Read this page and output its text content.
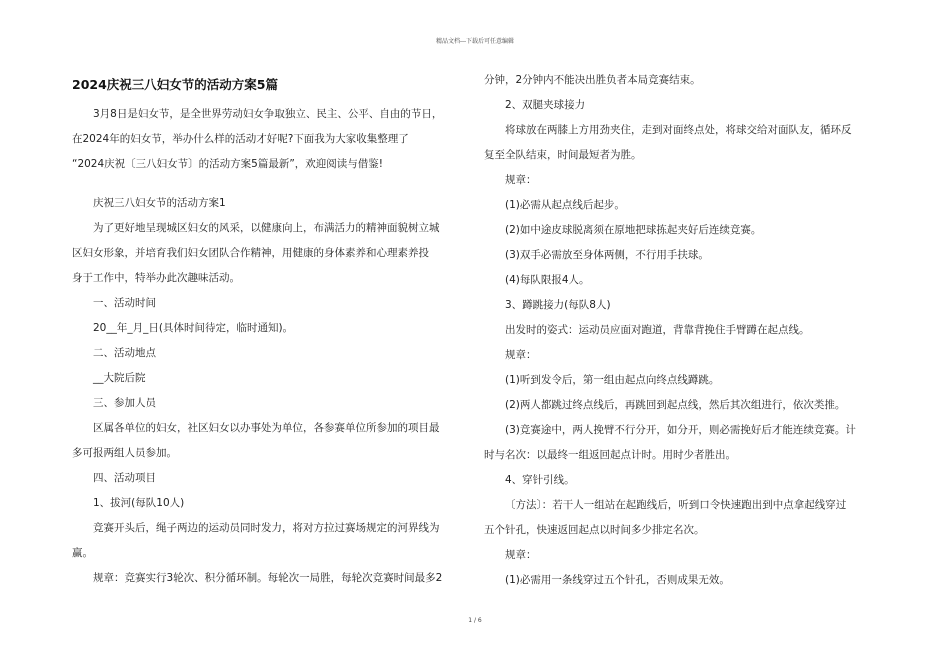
精品文档---下载后可任意编辑
2024庆祝三八妇女节的活动方案5篇

3月8日是妇女节，是全世界劳动妇女争取独立、民主、公平、自由的节日，

在2024年的妇女节，举办什么样的活动才好呢?下面我为大家收集整理了

“2024庆祝〔三八妇女节〕的活动方案5篇最新”，欢迎阅读与借鉴!

庆祝三八妇女节的活动方案1

为了更好地呈现城区妇女的风采，以健康向上，布满活力的精神面貌树立城

区妇女形象，并培育我们妇女团队合作精神，用健康的身体素养和心理素养投

身于工作中，特举办此次趣味活动。

一、活动时间

20__年_月_日(具体时间待定，临时通知)。

二、活动地点

__大院后院

三、参加人员

区属各单位的妇女，社区妇女以办事处为单位，各参赛单位所参加的项目最

多可报两组人员参加。

四、活动项目

1、拔河(每队10人)

竞赛开头后，绳子两边的运动员同时发力，将对方拉过赛场规定的河界线为

赢。

规章：竞赛实行3轮次、积分循环制。每轮次一局胜，每轮次竞赛时间最多2

分钟，2分钟内不能决出胜负者本局竞赛结束。

2、双腿夹球接力

将球放在两膝上方用劲夹住，走到对面终点处，将球交给对面队友，循环反

复至全队结束，时间最短者为胜。

规章：

(1)必需从起点线后起步。

(2)如中途皮球脱离须在原地把球拣起夹好后连续竞赛。

(3)双手必需放至身体两侧，不行用手扶球。

(4)每队限报4人。

3、蹲跳接力(每队8人)

出发时的姿式：运动员应面对跑道，背靠背挽住手臂蹲在起点线。

规章：

(1)听到发令后，第一组由起点向终点线蹲跳。

(2)两人都跳过终点线后，再跳回到起点线，然后其次组进行，依次类推。

(3)竞赛途中，两人挽臂不行分开，如分开，则必需挽好后才能连续竞赛。计

时与名次：以最终一组返回起点计时。用时少者胜出。

4、穿针引线。

〔方法〕：若干人一组站在起跑线后，听到口令快速跑出到中点拿起线穿过

五个针孔，快速返回起点以时间多少排定名次。

规章：

(1)必需用一条线穿过五个针孔，否则成果无效。

1 / 6
